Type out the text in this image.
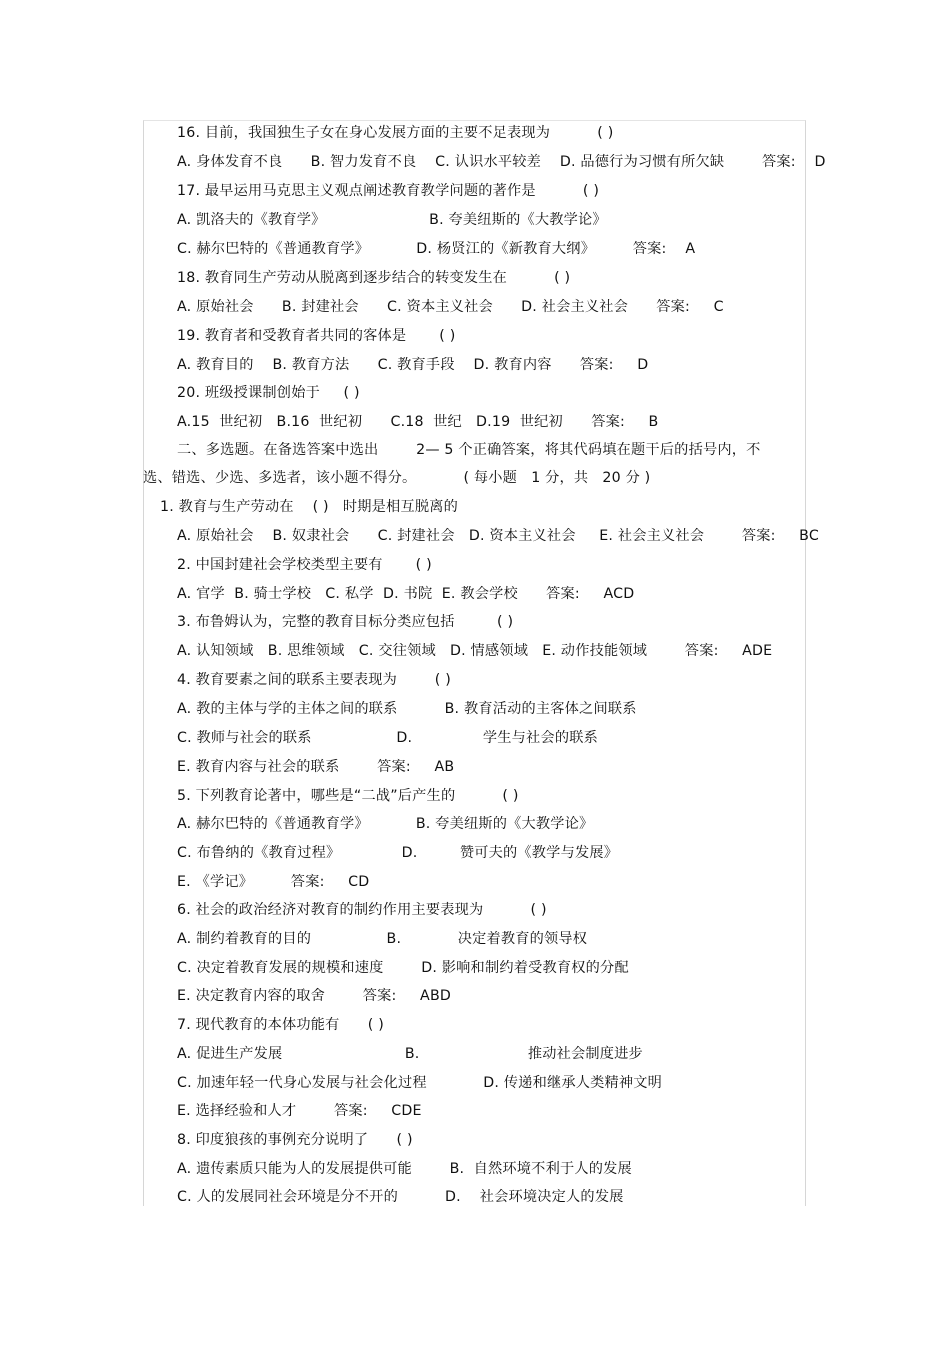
16. 目前，我国独生子女在身心发展方面的主要不足表现为          ( )
A. 身体发育不良      B. 智力发育不良    C. 认识水平较差    D. 品德行为习惯有所欠缺        答案:    D
17. 最早运用马克思主义观点阐述教育教学问题的著作是          ( )
A. 凯洛夫的《教育学》                      B. 夸美纽斯的《大教学论》
C. 赫尔巴特的《普通教育学》          D. 杨贤江的《新教育大纲》        答案:    A
18. 教育同生产劳动从脱离到逐步结合的转变发生在          ( )
A. 原始社会      B. 封建社会      C. 资本主义社会      D. 社会主义社会      答案:     C
19. 教育者和受教育者共同的客体是       ( )
A. 教育目的    B. 教育方法      C. 教育手段    D. 教育内容      答案:     D
20. 班级授课制创始于     ( )
A.15  世纪初   B.16  世纪初      C.18  世纪   D.19  世纪初      答案:     B
二、多选题。在备选答案中选出        2— 5 个正确答案，将其代码填在题干后的括号内，不
选、错选、少选、多选者，该小题不得分。          ( 每小题   1 分，共   20 分 )
1. 教育与生产劳动在    ( )   时期是相互脱离的
A. 原始社会    B. 奴隶社会      C. 封建社会   D. 资本主义社会     E. 社会主义社会        答案:     BC
2. 中国封建社会学校类型主要有       ( )
A. 官学  B. 骑士学校   C. 私学  D. 书院  E. 教会学校      答案:     ACD
3. 布鲁姆认为，完整的教育目标分类应包括         ( )
A. 认知领域   B. 思维领域   C. 交往领域   D. 情感领域   E. 动作技能领域        答案:     ADE
4. 教育要素之间的联系主要表现为        ( )
A. 教的主体与学的主体之间的联系          B. 教育活动的主客体之间联系
C. 教师与社会的联系                  D.               学生与社会的联系
E. 教育内容与社会的联系        答案:     AB
5. 下列教育论著中，哪些是“二战”后产生的          ( )
A. 赫尔巴特的《普通教育学》          B. 夸美纽斯的《大教学论》
C. 布鲁纳的《教育过程》             D.         赞可夫的《教学与发展》
E. 《学记》        答案:     CD
6. 社会的政治经济对教育的制约作用主要表现为          ( )
A. 制约着教育的目的                B.            决定着教育的领导权
C. 决定着教育发展的规模和速度        D. 影响和制约着受教育权的分配
E. 决定教育内容的取舍        答案:     ABD
7. 现代教育的本体功能有      ( )
A. 促进生产发展                          B.                       推动社会制度进步
C. 加速年轻一代身心发展与社会化过程            D. 传递和继承人类精神文明
E. 选择经验和人才        答案:     CDE
8. 印度狼孩的事例充分说明了      ( )
A. 遗传素质只能为人的发展提供可能        B.  自然环境不利于人的发展
C. 人的发展同社会环境是分不开的          D.    社会环境决定人的发展
